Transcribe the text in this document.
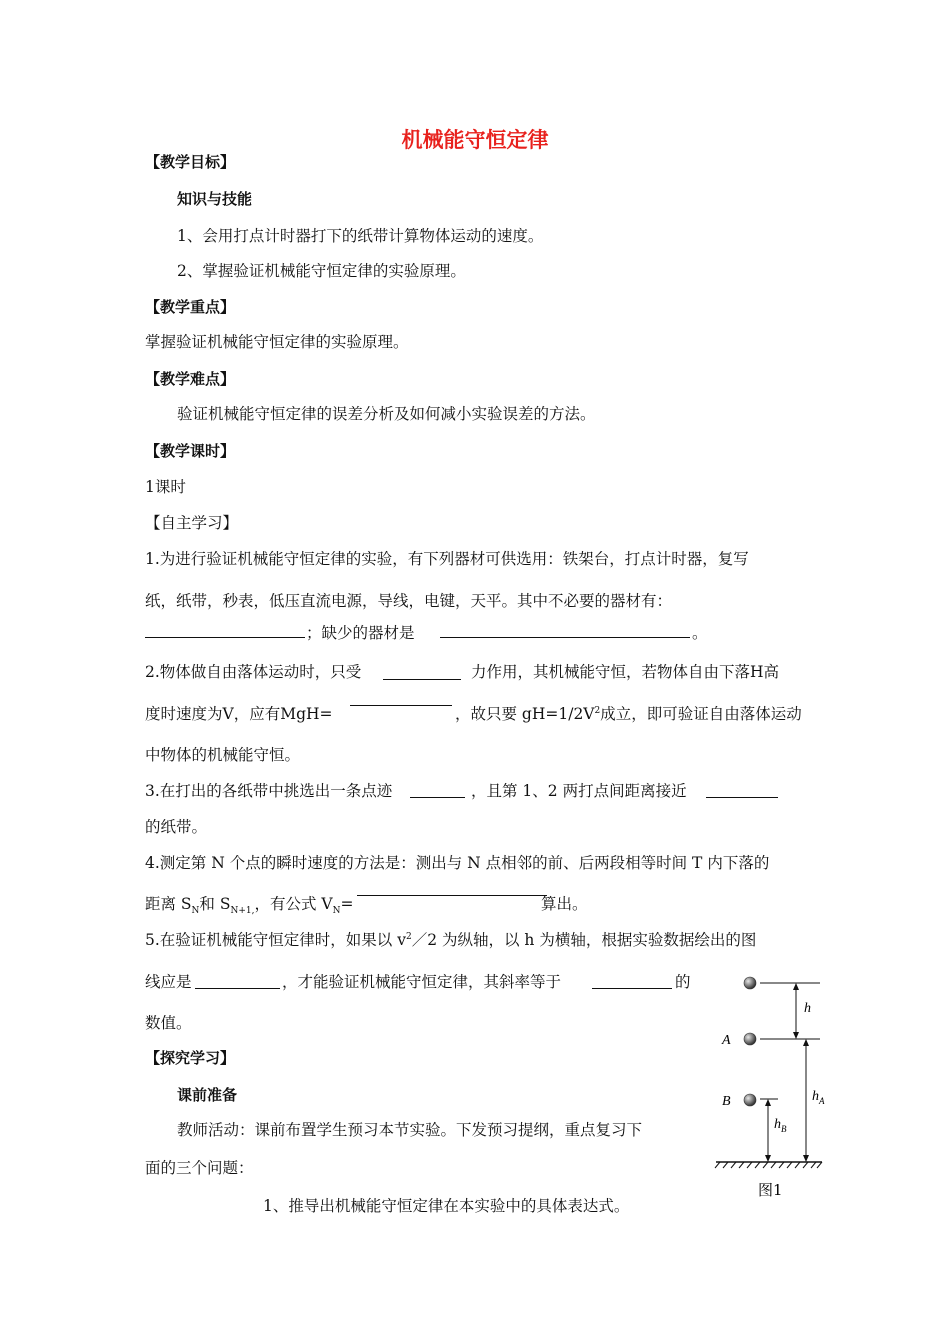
机械能守恒定律
【教学目标】
知识与技能
1、会用打点计时器打下的纸带计算物体运动的速度。
2、掌握验证机械能守恒定律的实验原理。
【教学重点】
掌握验证机械能守恒定律的实验原理。
【教学难点】
验证机械能守恒定律的误差分析及如何减小实验误差的方法。
【教学课时】
1课时
【自主学习】
1.为进行验证机械能守恒定律的实验，有下列器材可供选用：铁架台，打点计时器，复写
纸，纸带，秒表，低压直流电源，导线，电键，天平。其中不必要的器材有：
；缺少的器材是	。
2.物体做自由落体运动时，只受	力作用，其机械能守恒，若物体自由下落H高
度时速度为V，应有MgH=	，故只要 $gH=1/2V^2$成立，即可验证自由落体运动
中物体的机械能守恒。
3.在打出的各纸带中挑选出一条点迹	，且第 1、2 两打点间距离接近
的纸带。
4.测定第 N 个点的瞬时速度的方法是：测出与 N 点相邻的前、后两段相等时间 T 内下落的
距离 $S_N$和 $S_{N+1,}$，有公式 $V_N=$	算出。
5.在验证机械能守恒定律时，如果以 $v^2/2$ 为纵轴，以 h 为横轴，根据实验数据绘出的图
线应是	，才能验证机械能守恒定律，其斜率等于	的
数值。
【探究学习】
课前准备
教师活动：课前布置学生预习本节实验。下发预习提纲，重点复习下
面的三个问题：
1、推导出机械能守恒定律在本实验中的具体表达式。
h
A
B	$h_A$
$h_B$
图1
